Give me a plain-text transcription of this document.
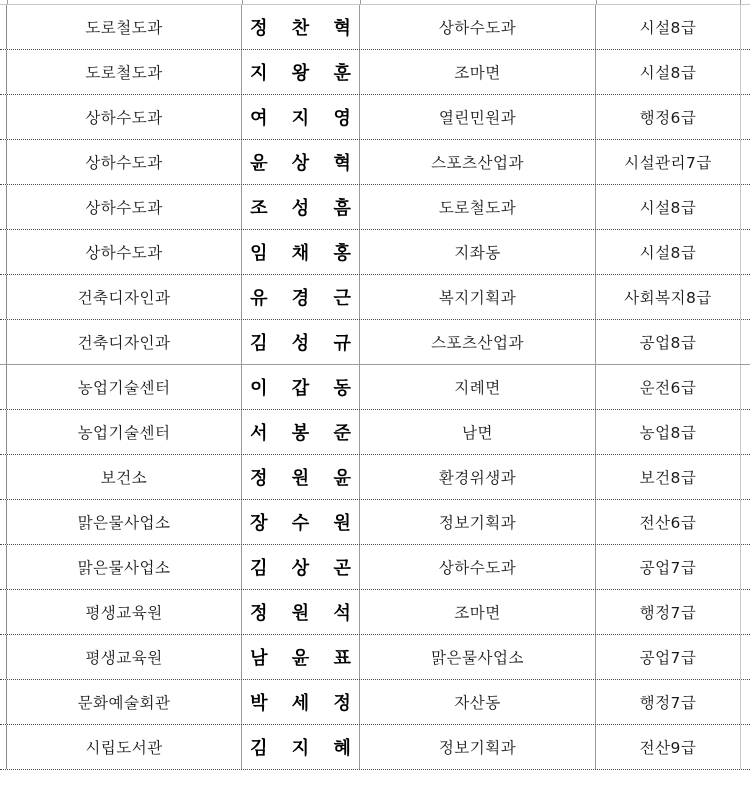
도로철도과	정 찬 혁	상하수도과	시설8급
도로철도과	지 왕 훈	조마면	시설8급
상하수도과	여 지 영	열린민원과	행정6급
상하수도과	윤 상 혁	스포츠산업과	시설관리7급
상하수도과	조 성 흠	도로철도과	시설8급
상하수도과	임 채 홍	지좌동	시설8급
건축디자인과	유 경 근	복지기획과	사회복지8급
건축디자인과	김 성 규	스포츠산업과	공업8급
농업기술센터	이 갑 동	지례면	운전6급
농업기술센터	서 봉 준	남면	농업8급
보건소	정 원 윤	환경위생과	보건8급
맑은물사업소	장 수 원	정보기획과	전산6급
맑은물사업소	김 상 곤	상하수도과	공업7급
평생교육원	정 원 석	조마면	행정7급
평생교육원	남 윤 표	맑은물사업소	공업7급
문화예술회관	박 세 정	자산동	행정7급
시립도서관	김 지 혜	정보기획과	전산9급
